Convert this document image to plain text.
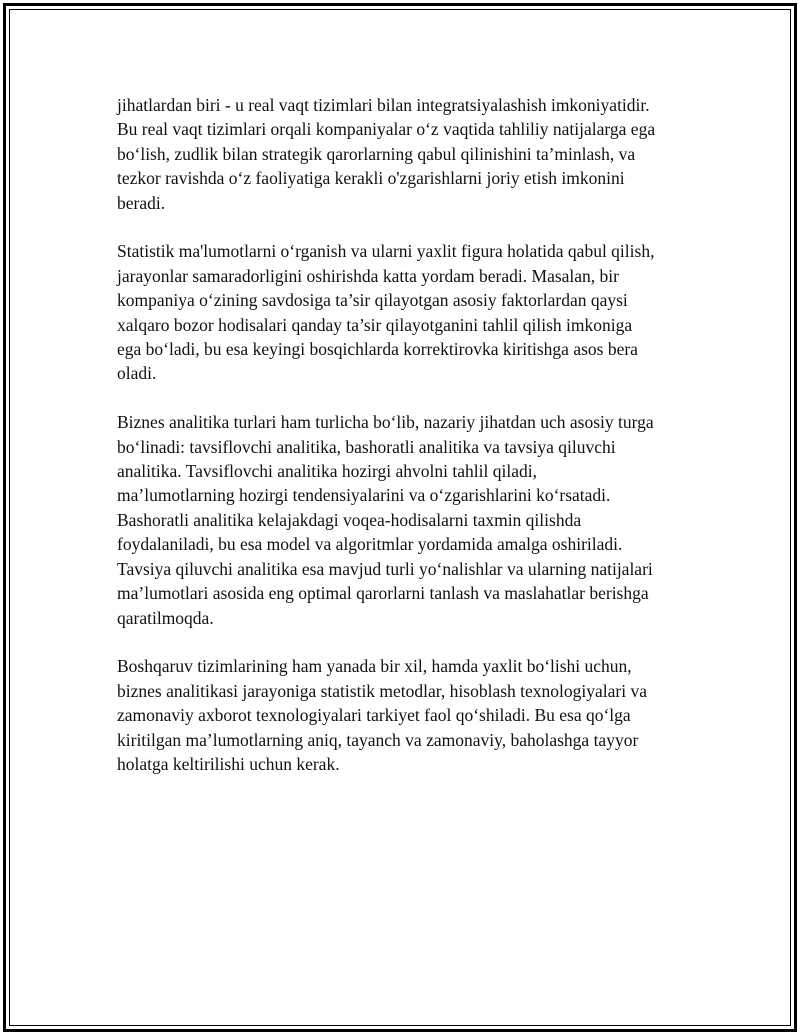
jihatlardan biri - u real vaqt tizimlari bilan integratsiyalashish imkoniyatidir.
Bu real vaqt tizimlari orqali kompaniyalar o‘z vaqtida tahliliy natijalarga ega
bo‘lish, zudlik bilan strategik qarorlarning qabul qilinishini ta’minlash, va
tezkor ravishda o‘z faoliyatiga kerakli o'zgarishlarni joriy etish imkonini
beradi.

Statistik ma'lumotlarni o‘rganish va ularni yaxlit figura holatida qabul qilish,
jarayonlar samaradorligini oshirishda katta yordam beradi. Masalan, bir
kompaniya o‘zining savdosiga ta’sir qilayotgan asosiy faktorlardan qaysi
xalqaro bozor hodisalari qanday ta’sir qilayotganini tahlil qilish imkoniga
ega bo‘ladi, bu esa keyingi bosqichlarda korrektirovka kiritishga asos bera
oladi.

Biznes analitika turlari ham turlicha bo‘lib, nazariy jihatdan uch asosiy turga
bo‘linadi: tavsiflovchi analitika, bashoratli analitika va tavsiya qiluvchi
analitika. Tavsiflovchi analitika hozirgi ahvolni tahlil qiladi,
ma’lumotlarning hozirgi tendensiyalarini va o‘zgarishlarini ko‘rsatadi.
Bashoratli analitika kelajakdagi voqea-hodisalarni taxmin qilishda
foydalaniladi, bu esa model va algoritmlar yordamida amalga oshiriladi.
Tavsiya qiluvchi analitika esa mavjud turli yo‘nalishlar va ularning natijalari
ma’lumotlari asosida eng optimal qarorlarni tanlash va maslahatlar berishga
qaratilmoqda.

Boshqaruv tizimlarining ham yanada bir xil, hamda yaxlit bo‘lishi uchun,
biznes analitikasi jarayoniga statistik metodlar, hisoblash texnologiyalari va
zamonaviy axborot texnologiyalari tarkiyet faol qo‘shiladi. Bu esa qo‘lga
kiritilgan ma’lumotlarning aniq, tayanch va zamonaviy, baholashga tayyor
holatga keltirilishi uchun kerak.
